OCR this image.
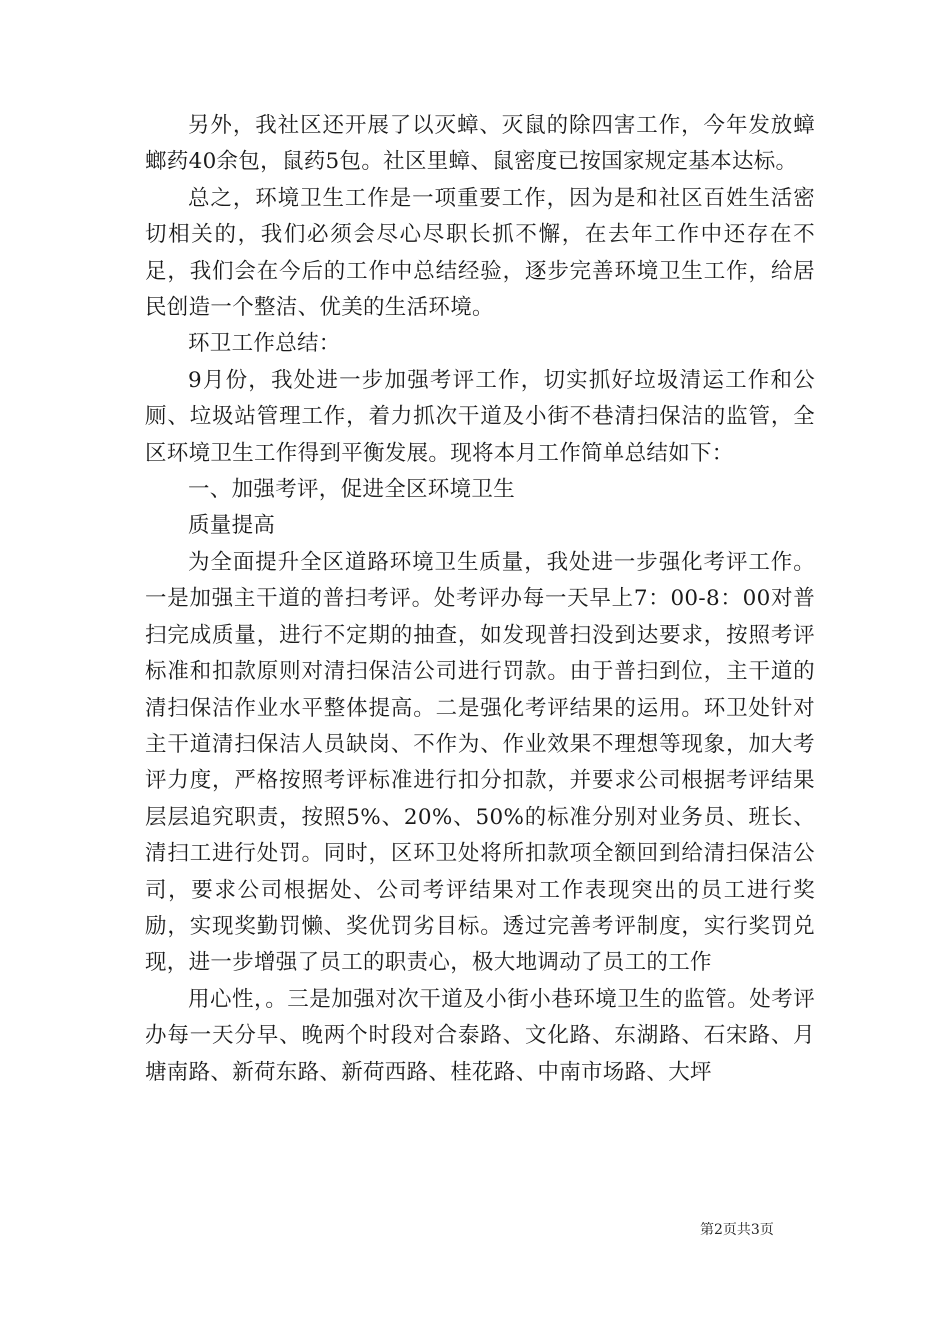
另外，我社区还开展了以灭蟑、灭鼠的除四害工作，今年发放蟑螂药40余包，鼠药5包。社区里蟑、鼠密度已按国家规定基本达标。

总之，环境卫生工作是一项重要工作，因为是和社区百姓生活密切相关的，我们必须会尽心尽职长抓不懈，在去年工作中还存在不足，我们会在今后的工作中总结经验，逐步完善环境卫生工作，给居民创造一个整洁、优美的生活环境。

环卫工作总结：

9月份，我处进一步加强考评工作，切实抓好垃圾清运工作和公厕、垃圾站管理工作，着力抓次干道及小街不巷清扫保洁的监管，全区环境卫生工作得到平衡发展。现将本月工作简单总结如下：

一、加强考评，促进全区环境卫生

质量提高

为全面提升全区道路环境卫生质量，我处进一步强化考评工作。一是加强主干道的普扫考评。处考评办每一天早上7：00-8：00对普扫完成质量，进行不定期的抽查，如发现普扫没到达要求，按照考评标准和扣款原则对清扫保洁公司进行罚款。由于普扫到位，主干道的清扫保洁作业水平整体提高。二是强化考评结果的运用。环卫处针对主干道清扫保洁人员缺岗、不作为、作业效果不理想等现象，加大考评力度，严格按照考评标准进行扣分扣款，并要求公司根据考评结果层层追究职责，按照5%、20%、50%的标准分别对业务员、班长、清扫工进行处罚。同时，区环卫处将所扣款项全额回到给清扫保洁公司，要求公司根据处、公司考评结果对工作表现突出的员工进行奖励，实现奖勤罚懒、奖优罚劣目标。透过完善考评制度，实行奖罚兑现，进一步增强了员工的职责心，极大地调动了员工的工作

用心性，。三是加强对次干道及小街小巷环境卫生的监管。处考评办每一天分早、晚两个时段对合泰路、文化路、东湖路、石宋路、月塘南路、新荷东路、新荷西路、桂花路、中南市场路、大坪

第2页共3页
